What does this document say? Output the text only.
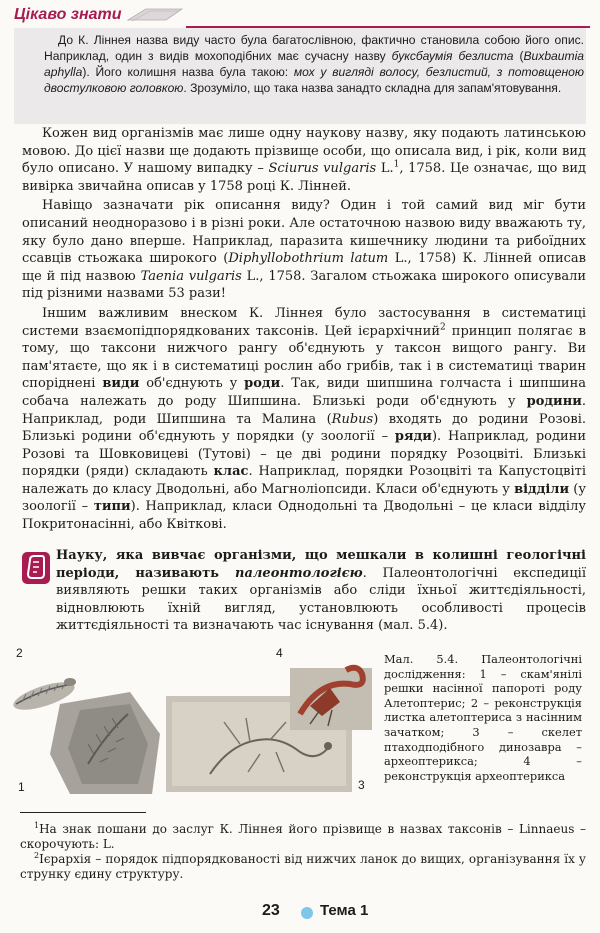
Цікаво знати
До К. Ліннея назва виду часто була багатослівною, фактично становила собою його опис. Наприклад, один з видів мохоподібних має сучасну назву буксбаумія безлиста (Buxbaumia aphylla). Його колишня назва була такою: мох у вигляді волосу, безлистий, з потовщеною двостулковою головкою. Зрозуміло, що така назва занадто складна для запам'ятовування.

Кожен вид організмів має лише одну наукову назву, яку подають латинською мовою. До цієї назви ще додають прізвище особи, що описала вид, і рік, коли вид було описано. У нашому випадку – Sciurus vulgaris L.$^1$, 1758. Це означає, що вид вивірка звичайна описав у 1758 році К. Лінней.

Навіщо зазначати рік описання виду? Один і той самий вид міг бути описаний неодноразово і в різні роки. Але остаточною назвою виду вважають ту, яку було дано вперше. Наприклад, паразита кишечнику людини та рибоїдних ссавців стьожака широкого (Diphyllobothrium latum L., 1758) К. Лінней описав ще й під назвою Taenia vulgaris L., 1758. Загалом стьожака широкого описували під різними назвами 53 рази!

Іншим важливим внеском К. Ліннея було застосування в систематиці системи взаємопідпорядкованих таксонів. Цей ієрархічний$^2$ принцип полягає в тому, що таксони нижчого рангу об'єднують у таксон вищого рангу. Ви пам'ятаєте, що як і в систематиці рослин або грибів, так і в систематиці тварин споріднені види об'єднують у роди. Так, види шипшина голчаста і шипшина собача належать до роду Шипшина. Близькі роди об'єднують у родини. Наприклад, роди Шипшина та Малина (Rubus) входять до родини Розові. Близькі родини об'єднують у порядки (у зоології – ряди). Наприклад, родини Розові та Шовковицеві (Тутові) – це дві родини порядку Розоцвіті. Близькі порядки (ряди) складають клас. Наприклад, порядки Розоцвіті та Капустоцвіті належать до класу Дводольні, або Магноліопсиди. Класи об'єднують у відділи (у зоології – типи). Наприклад, класи Однодольні та Дводольні – це класи відділу Покритонасінні, або Квіткові.

Науку, яка вивчає організми, що мешкали в колишні геологічні періоди, називають палеонтологією. Палеонтологічні експедиції виявляють решки таких організмів або сліди їхньої життєдіяльності, відновлюють їхній вигляд, установлюють особливості процесів життєдіяльності та визначають час існування (мал. 5.4).
2
1
4
3
Мал. 5.4. Палеонтологічні дослідження: 1 – скам'янілі решки насінної папороті роду Алетоптерис; 2 – реконструкція листка алетоптериса з насінним зачатком; 3 – скелет птаходподібного динозавра – археоптерикса; 4 – реконструкція археоптерикса
$^1$На знак пошани до заслуг К. Ліннея його прізвище в назвах таксонів – Linnaeus – скорочують: L.
$^2$Ієрархія – порядок підпорядкованості від нижчих ланок до вищих, організування їх у струнку єдину структуру.
23	Тема 1
